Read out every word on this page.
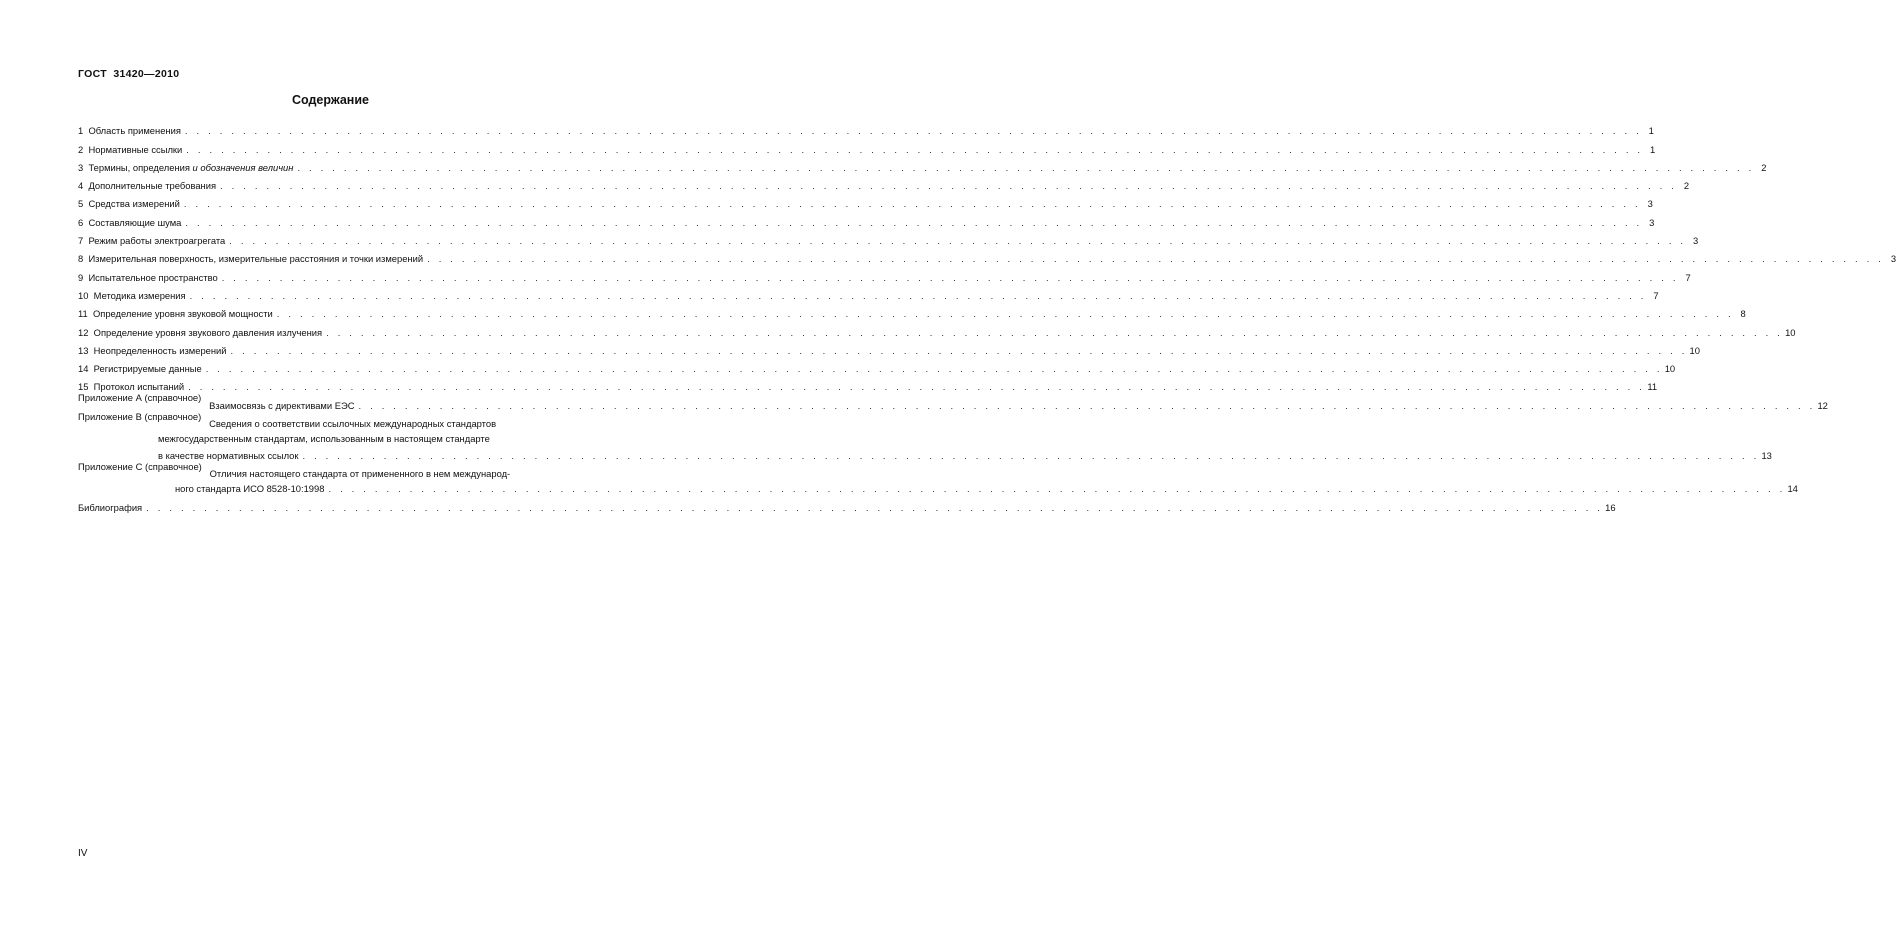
ГОСТ  31420—2010
Содержание
1 Область применения . . .	1
2 Нормативные ссылки . . .	1
3 Термины, определения и обозначения величин . . .	2
4 Дополнительные требования . . .	2
5 Средства измерений . . .	3
6 Составляющие шума . . .	3
7 Режим работы электроагрегата . . .	3
8 Измерительная поверхность, измерительные расстояния и точки измерений . . .	3
9 Испытательное пространство . . .	7
10 Методика измерения . . .	7
11 Определение уровня звуковой мощности . . .	8
12 Определение уровня звукового давления излучения . . .	10
13 Неопределенность измерений . . .	10
14 Регистрируемые данные . . .	10
15 Протокол испытаний . . .	11
Приложение А (справочное)

Взаимосвязь с директивами ЕЭС . . .	12
Приложение В (справочное)

Сведения о соответствии ссылочных международных стандартов
межгосударственным стандартам, использованным в настоящем стандарте
в качестве нормативных ссылок . . .	13
Приложение С (справочное)

Отличия настоящего стандарта от примененного в нем международ-
ного стандарта ИСО 8528-10:1998 . . .	14
Библиография . . .	16
IV
